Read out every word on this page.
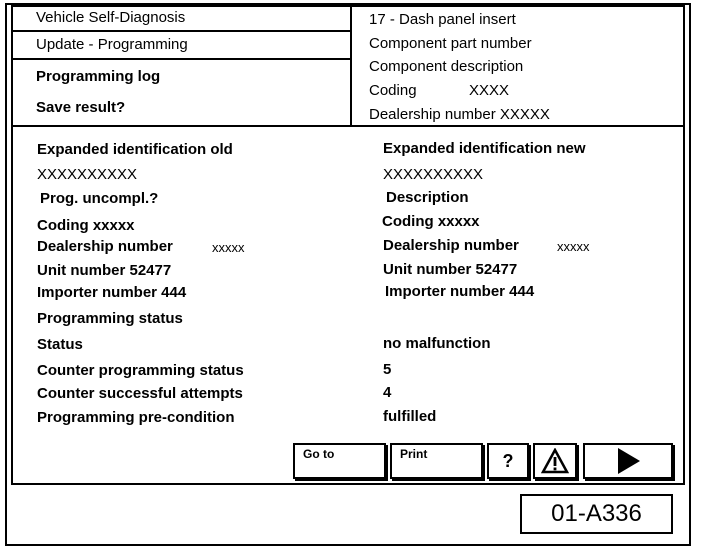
Vehicle Self-Diagnosis
Update - Programming
Programming log
Save result?
17 - Dash panel insert
Component part number
Component description
Coding	XXXX
Dealership number XXXXX
Expanded identification old
XXXXXXXXXX
Prog. uncompl.?
Coding xxxxx
Dealership number	xxxxx
Unit number 52477
Importer number 444
Expanded identification new
XXXXXXXXXX
Description
Coding xxxxx
Dealership number	xxxxx
Unit number 52477
Importer number 444
Programming status
Status	no malfunction
Counter programming status	5
Counter successful attempts	4
Programming pre-condition	fulfilled
Go to	Print	?
01-A336
